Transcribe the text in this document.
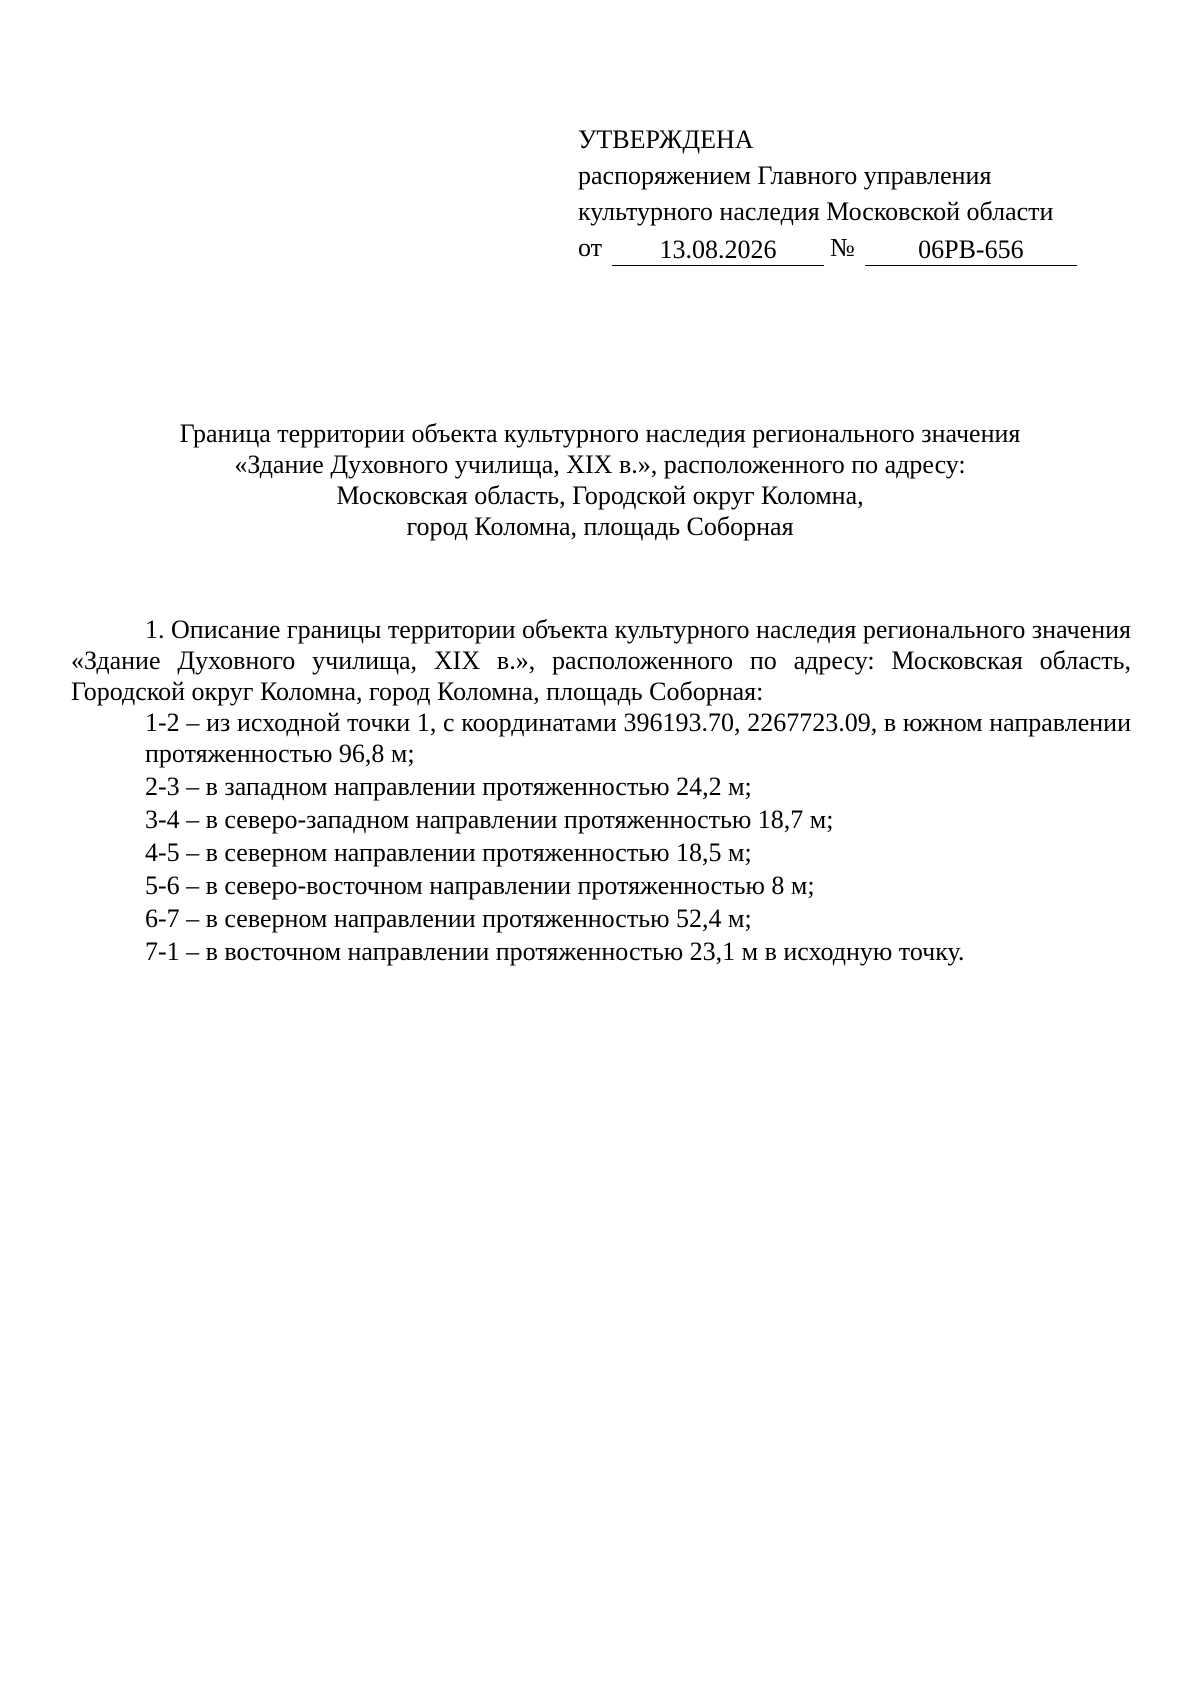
УТВЕРЖДЕНА
распоряжением Главного управления
культурного наследия Московской области
от	13.08.2026	№	06РВ-656
Граница территории объекта культурного наследия регионального значения
«Здание Духовного училища, XIX в.», расположенного по адресу:
Московская область, Городской округ Коломна,
город Коломна, площадь Соборная

1. Описание границы территории объекта культурного наследия регионального значения «Здание Духовного училища, XIX в.», расположенного по адресу: Московская область, Городской округ Коломна, город Коломна, площадь Соборная:

1-2 – из исходной точки 1, с координатами 396193.70, 2267723.09, в южном направлении протяженностью 96,8 м;
2-3 – в западном направлении протяженностью 24,2 м;
3-4 – в северо-западном направлении протяженностью 18,7 м;
4-5 – в северном направлении протяженностью 18,5 м;
5-6 – в северо-восточном направлении протяженностью 8 м;
6-7 – в северном направлении протяженностью 52,4 м;
7-1 – в восточном направлении протяженностью 23,1 м в исходную точку.
